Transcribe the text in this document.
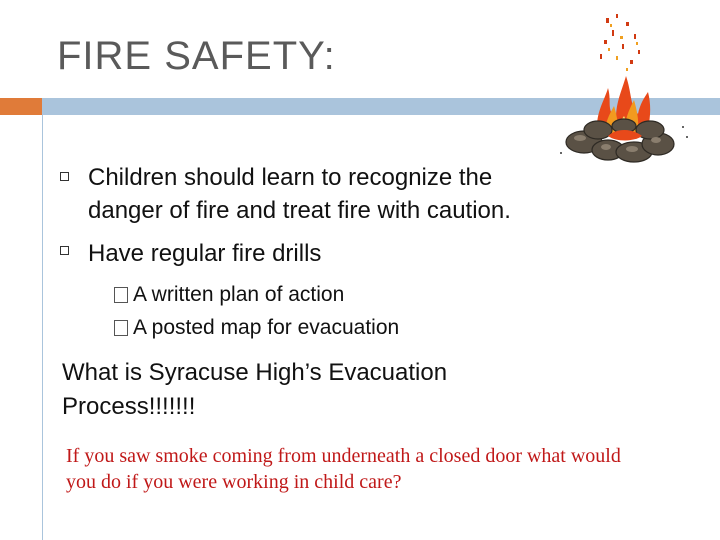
FIRE SAFETY:
Children should learn to recognize the
danger of fire and treat fire with caution.
Have regular fire drills
A written plan of action
A posted map for evacuation
What is Syracuse High’s Evacuation Process!!!!!!!
If you saw smoke coming from underneath a closed door what would you do if you were working in child care?
